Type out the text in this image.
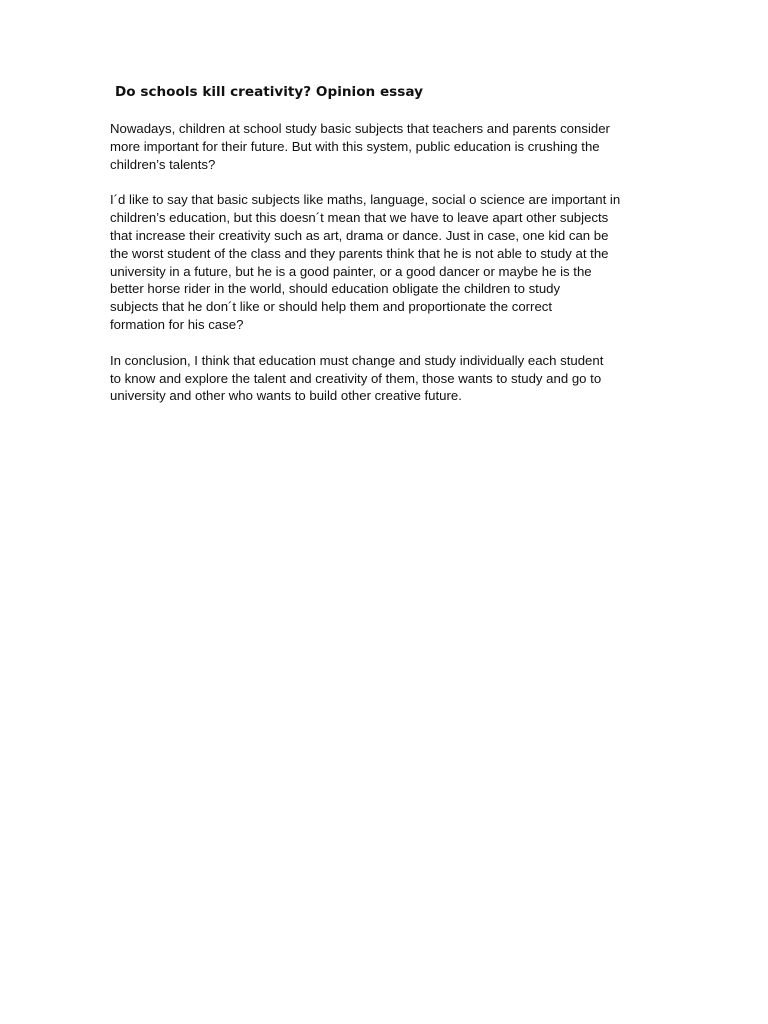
Do schools kill creativity? Opinion essay

Nowadays, children at school study basic subjects that teachers and parents consider
more important for their future. But with this system, public education is crushing the
children’s talents?

I´d like to say that basic subjects like maths, language, social o science are important in
children’s education, but this doesn´t mean that we have to leave apart other subjects
that increase their creativity such as art, drama or dance. Just in case, one kid can be
the worst student of the class and they parents think that he is not able to study at the
university in a future, but he is a good painter, or a good dancer or maybe he is the
better horse rider in the world, should education obligate the children to study
subjects that he don´t like or should help them and proportionate the correct
formation for his case?

In conclusion, I think that education must change and study individually each student
to know and explore the talent and creativity of them, those wants to study and go to
university and other who wants to build other creative future.
